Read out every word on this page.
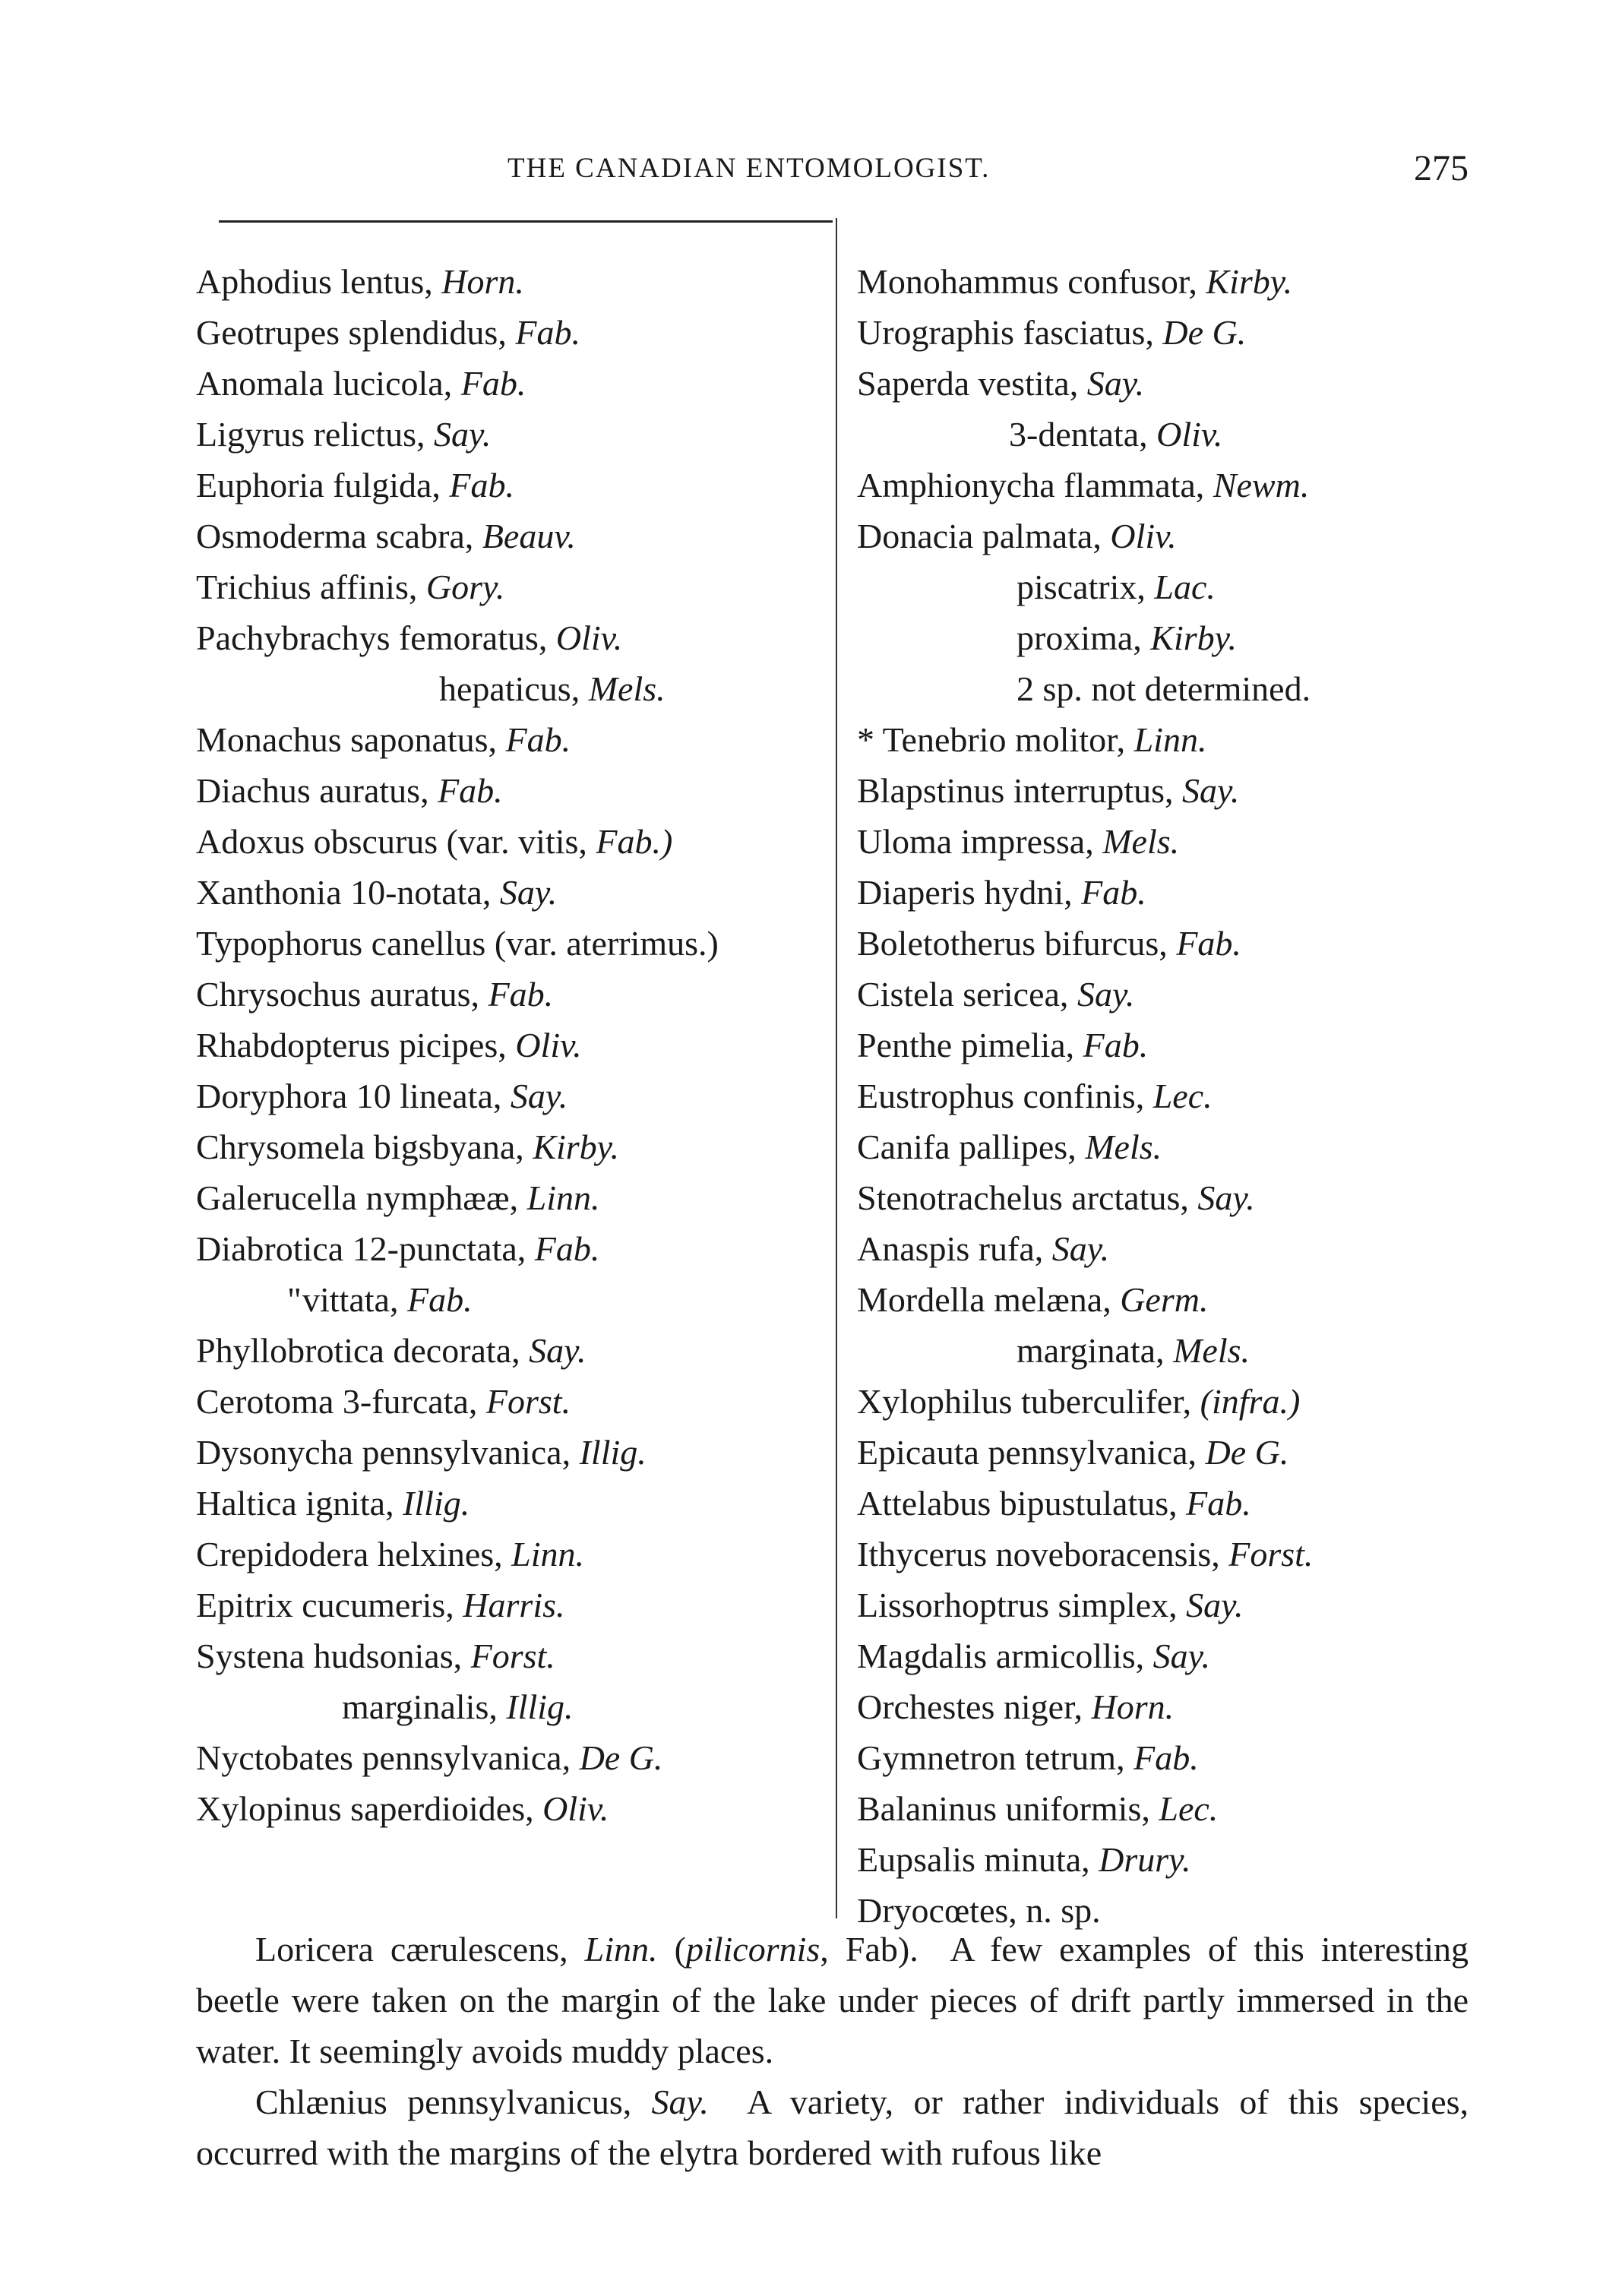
THE CANADIAN ENTOMOLOGIST.	275
Aphodius lentus, Horn.
Geotrupes splendidus, Fab.
Anomala lucicola, Fab.
Ligyrus relictus, Say.
Euphoria fulgida, Fab.
Osmoderma scabra, Beauv.
Trichius affinis, Gory.
Pachybrachys femoratus, Oliv.
hepaticus, Mels.
Monachus saponatus, Fab.
Diachus auratus, Fab.
Adoxus obscurus (var. vitis, Fab.)
Xanthonia 10-notata, Say.
Typophorus canellus (var. aterrimus.)
Chrysochus auratus, Fab.
Rhabdopterus picipes, Oliv.
Doryphora 10 lineata, Say.
Chrysomela bigsbyana, Kirby.
Galerucella nymphææ, Linn.
Diabrotica 12-punctata, Fab.
"vittata, Fab.
Phyllobrotica decorata, Say.
Cerotoma 3-furcata, Forst.
Dysonycha pennsylvanica, Illig.
Haltica ignita, Illig.
Crepidodera helxines, Linn.
Epitrix cucumeris, Harris.
Systena hudsonias, Forst.
marginalis, Illig.
Nyctobates pennsylvanica, De G.
Xylopinus saperdioides, Oliv.
Monohammus confusor, Kirby.
Urographis fasciatus, De G.
Saperda vestita, Say.
3-dentata, Oliv.
Amphionycha flammata, Newm.
Donacia palmata, Oliv.
piscatrix, Lac.
proxima, Kirby.
2 sp. not determined.
* Tenebrio molitor, Linn.
Blapstinus interruptus, Say.
Uloma impressa, Mels.
Diaperis hydni, Fab.
Boletotherus bifurcus, Fab.
Cistela sericea, Say.
Penthe pimelia, Fab.
Eustrophus confinis, Lec.
Canifa pallipes, Mels.
Stenotrachelus arctatus, Say.
Anaspis rufa, Say.
Mordella melæna, Germ.
marginata, Mels.
Xylophilus tuberculifer, (infra.)
Epicauta pennsylvanica, De G.
Attelabus bipustulatus, Fab.
Ithycerus noveboracensis, Forst.
Lissorhoptrus simplex, Say.
Magdalis armicollis, Say.
Orchestes niger, Horn.
Gymnetron tetrum, Fab.
Balaninus uniformis, Lec.
Eupsalis minuta, Drury.
Dryocœtes, n. sp.

Loricera cærulescens, Linn. (pilicornis, Fab). A few examples of this interesting beetle were taken on the margin of the lake under pieces of drift partly immersed in the water. It seemingly avoids muddy places.

Chlænius pennsylvanicus, Say. A variety, or rather individuals of this species, occurred with the margins of the elytra bordered with rufous like
